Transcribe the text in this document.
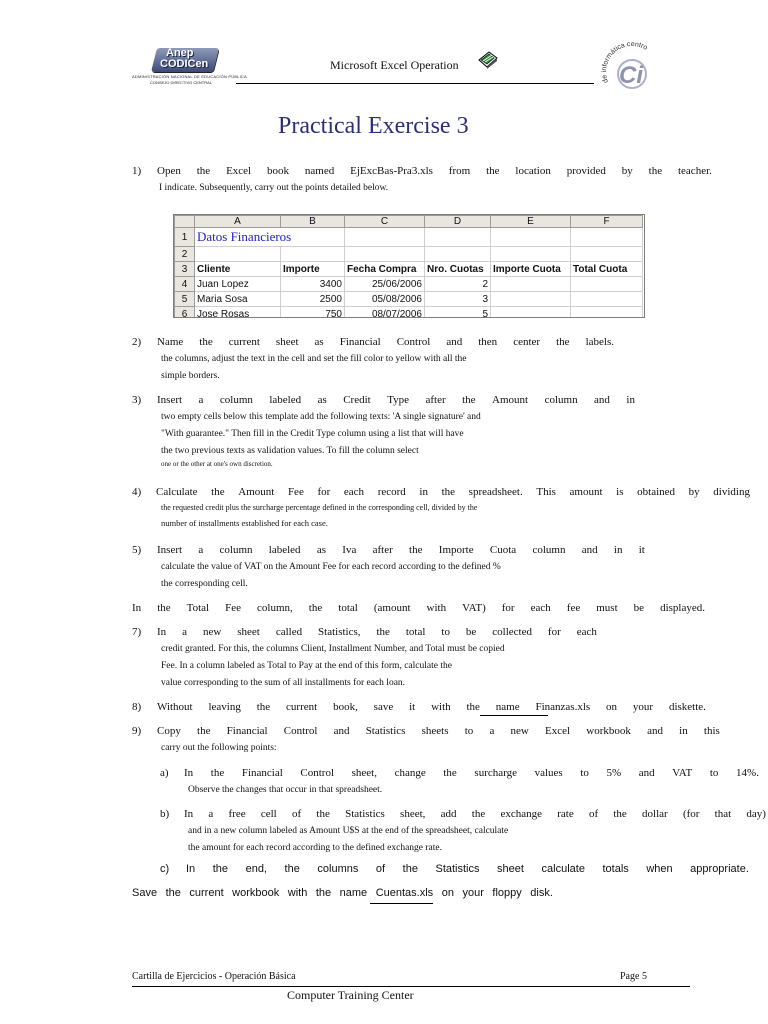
Anep
CODICen
ADMINISTRACIÓN NACIONAL DE EDUCACIÓN PÚBLICA
CONSEJO DIRECTIVO CENTRAL
Microsoft Excel Operation
de informática centro
Ci
Practical Exercise 3
1) Open the Excel book named EjExcBas-Pra3.xls from the location provided by the teacher.
I indicate. Subsequently, carry out the points detailed below.
	A	B	C	D	E	F
1	Datos Financieros					
2						
3	Cliente	Importe	Fecha Compra	Nro. Cuotas	Importe Cuota	Total Cuota
4	Juan Lopez	3400	25/06/2006	2		
5	Maria Sosa	2500	05/08/2006	3		
6	Jose Rosas	750	08/07/2006	5		
2) Name the current sheet as Financial Control and then center the labels.
the columns, adjust the text in the cell and set the fill color to yellow with all the
simple borders.
3) Insert a column labeled as Credit Type after the Amount column and in
two empty cells below this template add the following texts: 'A single signature' and
"With guarantee." Then fill in the Credit Type column using a list that will have
the two previous texts as validation values. To fill the column select
one or the other at one's own discretion.
4) Calculate the Amount Fee for each record in the spreadsheet. This amount is obtained by dividing
the requested credit plus the surcharge percentage defined in the corresponding cell, divided by the
number of installments established for each case.
5) Insert a column labeled as Iva after the Importe Cuota column and in it
calculate the value of VAT on the Amount Fee for each record according to the defined %
the corresponding cell.
In the Total Fee column, the total (amount with VAT) for each fee must be displayed.
7) In a new sheet called Statistics, the total to be collected for each
credit granted. For this, the columns Client, Installment Number, and Total must be copied
Fee. In a column labeled as Total to Pay at the end of this form, calculate the
value corresponding to the sum of all installments for each loan.
8) Without leaving the current book, save it with the name Finanzas.xls on your diskette.
9) Copy the Financial Control and Statistics sheets to a new Excel workbook and in this
carry out the following points:
a) In the Financial Control sheet, change the surcharge values to 5% and VAT to 14%.
Observe the changes that occur in that spreadsheet.
b) In a free cell of the Statistics sheet, add the exchange rate of the dollar (for that day)
and in a new column labeled as Amount U$S at the end of the spreadsheet, calculate
the amount for each record according to the defined exchange rate.
c) In the end, the columns of the Statistics sheet calculate totals when appropriate.
Save the current workbook with the name Cuentas.xls on your floppy disk.
Cartilla de Ejercicios - Operación Básica	Page 5
Computer Training Center
